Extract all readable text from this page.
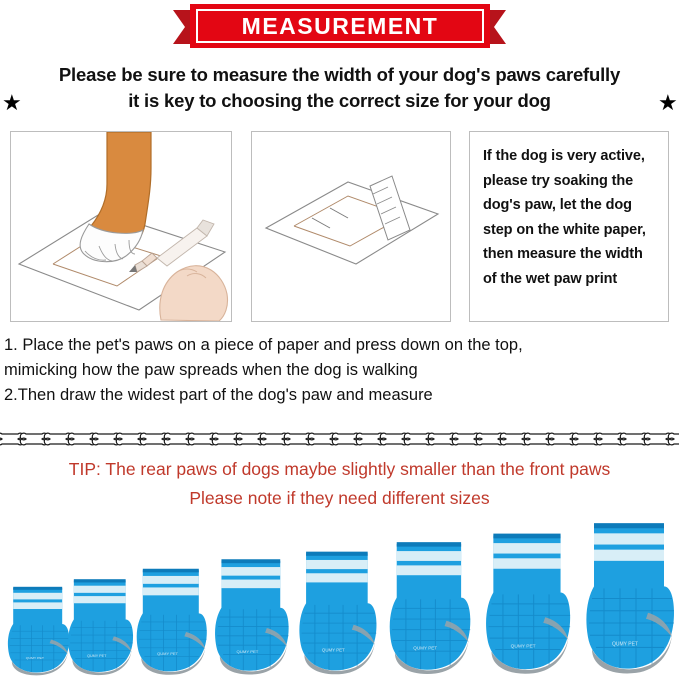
MEASUREMENT
Please be sure to measure the width of your dog's paws carefully
it is key to choosing the correct size for your dog
★	★
If the dog is very active,
please try soaking the
dog's paw, let the dog
step on the white paper,
then measure the width
of the wet paw print
1. Place the pet's paws on a piece of paper and press down on the top,
mimicking how the paw spreads when the dog is walking
2.Then draw the widest part of the dog's paw and measure
TIP: The rear paws of dogs maybe slightly smaller than the front paws
Please note if they need different sizes
QUMY PET	QUMY PET
QUMY PET
QUMY PET	QUMY PET	QUMY PET	QUMY PET	QUMY PET
